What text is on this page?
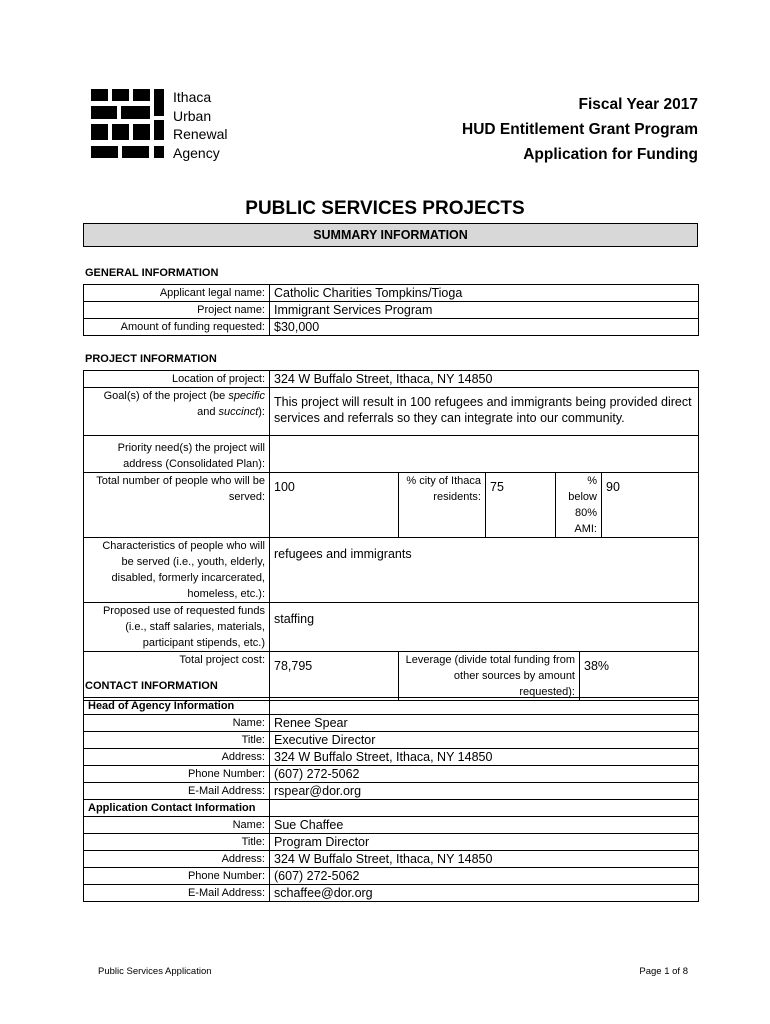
Ithaca
Urban
Renewal
Agency
Fiscal Year 2017
HUD Entitlement Grant Program
Application for Funding
PUBLIC SERVICES PROJECTS
SUMMARY INFORMATION
GENERAL INFORMATION
Applicant legal name:	Catholic Charities Tompkins/Tioga
Project name:	Immigrant Services Program
Amount of funding requested:	$30,000
PROJECT INFORMATION
Location of project:	324 W Buffalo Street, Ithaca, NY 14850					
Goal(s) of the project (be specific
and succinct):	This project will result in 100 refugees and immigrants being provided direct services and referrals so they can integrate into our community.					
Priority need(s) the project will address (Consolidated Plan):						
Total number of people who will be served:	100	% city of Ithaca residents:	75	% below 80% AMI:		90
Characteristics of people who will be served (i.e., youth, elderly, disabled, formerly incarcerated, homeless, etc.):	refugees and immigrants					
Proposed use of requested funds (i.e., staff salaries, materials, participant stipends, etc.)	staffing					
Total project cost:	78,795	Leverage (divide total funding from other sources by amount requested):			38%	
CONTACT INFORMATION
Head of Agency Information	
Name:	Renee Spear
Title:	Executive Director
Address:	324 W Buffalo Street, Ithaca, NY 14850
Phone Number:	(607) 272-5062
E-Mail Address:	rspear@dor.org
Application Contact Information	
Name:	Sue Chaffee
Title:	Program Director
Address:	324 W Buffalo Street, Ithaca, NY 14850
Phone Number:	(607) 272-5062
E-Mail Address:	schaffee@dor.org
Public Services Application	Page 1 of 8
